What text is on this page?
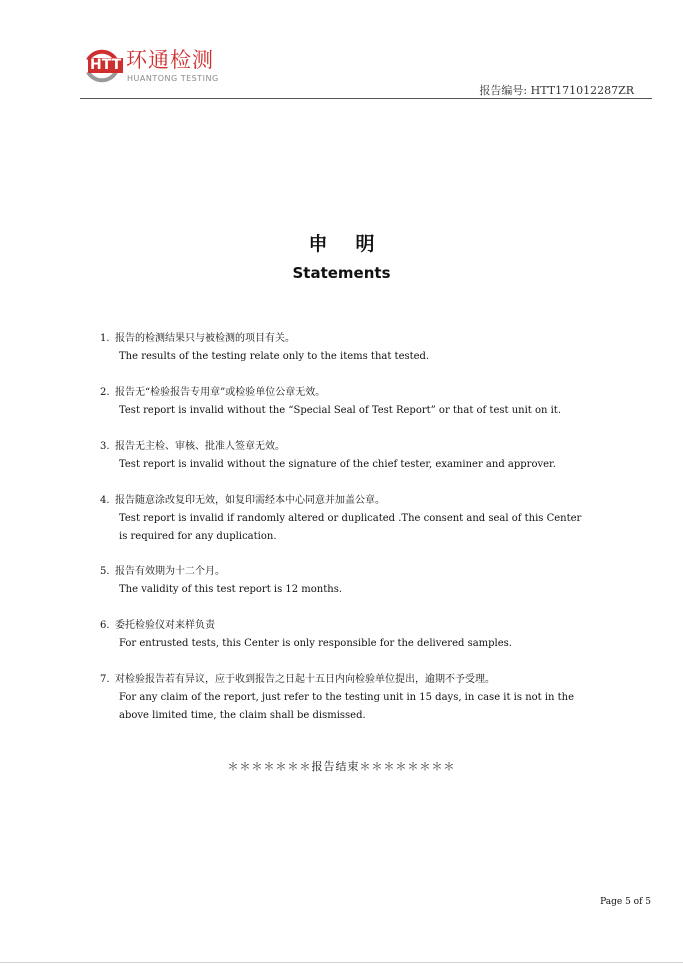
HTT 环通检测
HUANTONG TESTING
报告编号: HTT171012287ZR
申明
Statements
1. 报告的检测结果只与被检测的项目有关。
The results of the testing relate only to the items that tested.
2. 报告无“检验报告专用章”或检验单位公章无效。
Test report is invalid without the “Special Seal of Test Report” or that of test unit on it.
3. 报告无主检、审核、批准人签章无效。
Test report is invalid without the signature of the chief tester, examiner and approver.
4. 报告随意涂改复印无效，如复印需经本中心同意并加盖公章。
Test report is invalid if randomly altered or duplicated .The consent and seal of this Center
is required for any duplication.
5. 报告有效期为十二个月。
The validity of this test report is 12 months.
6. 委托检验仪对来样负责
For entrusted tests, this Center is only responsible for the delivered samples.
7. 对检验报告若有异议，应于收到报告之日起十五日内向检验单位提出，逾期不予受理。
For any claim of the report, just refer to the testing unit in 15 days, in case it is not in the
above limited time, the claim shall be dismissed.
＊＊＊＊＊＊＊报告结束＊＊＊＊＊＊＊＊
Page 5 of 5
